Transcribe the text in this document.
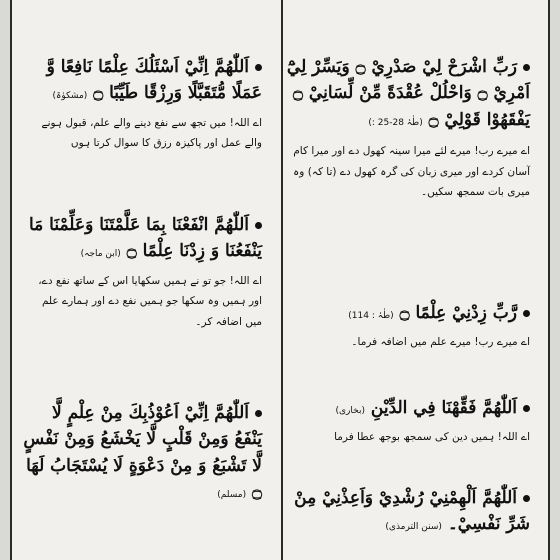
رَبِّ اشْرَحْ لِيْ صَدْرِيْ ۝ وَيَسِّرْ لِيْٓ اَمْرِيْ ۝ وَاحْلُلْ عُقْدَةً مِّنْ لِّسَانِيْ ۝ يَفْقَهُوْا قَوْلِيْ ۝ (طٰہٰ 28-25 :)
اے میرے رب! میرے لئے میرا سینہ کھول دے اور میرا کام آسان کردے اور میری زبان کی گرہ کھول دے (تا کہ) وہ میری بات سمجھ سکیں۔
رَّبِّ زِدْنِيْ عِلْمًا ۝ (طٰہٰ : 114)
اے میرے رب! میرے علم میں اضافہ فرما۔
اَللّٰهُمَّ فَقِّهْنَا فِي الدِّيْنِ (بخاری)
اے اللہ! ہمیں دین کی سمجھ بوجھ عطا فرما
اَللّٰهُمَّ اَلْهِمْنِيْ رُشْدِيْ وَاَعِذْنِيْ مِنْ شَرِّ نَفْسِيْ۔ (سنن الترمذی)
اَللّٰهُمَّ اِنِّيْ اَسْئَلُكَ عِلْمًا نَافِعًا وَّ عَمَلًا مُّتَقَبَّلًا وَرِزْقًا طَيِّبًا ۝ (مشکوٰۃ)
اے اللہ! میں تجھ سے نفع دینے والے علم، قبول ہونے والے عمل اور پاکیزہ رزق کا سوال کرتا ہوں
اَللّٰهُمَّ انْفَعْنَا بِمَا عَلَّمْتَنَا وَعَلِّمْنَا مَا يَنْفَعُنَا وَ زِدْنَا عِلْمًا ۝ (ابن ماجہ)
اے اللہ! جو تو نے ہمیں سکھایا اس کے ساتھ نفع دے، اور ہمیں وہ سکھا جو ہمیں نفع دے اور ہمارے علم میں اضافہ کر۔
اَللّٰهُمَّ اِنِّيْ اَعُوْذُبِكَ مِنْ عِلْمٍ لَّا يَنْفَعُ وَمِنْ قَلْبٍ لَّا يَخْشَعُ وَمِنْ نَفْسٍ لَّا تَشْبَعُ وَ مِنْ دَعْوَةٍ لَا يُسْتَجَابُ لَهَا ۝ (مسلم)
